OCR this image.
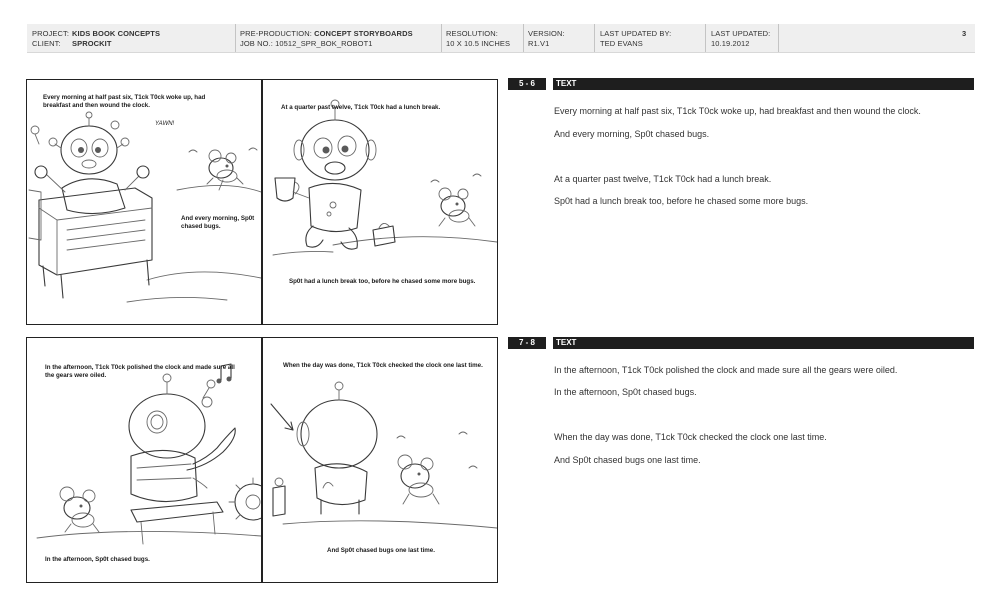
PROJECT: KIDS BOOK CONCEPTS
CLIENT: SPROCKIT
PRE-PRODUCTION: CONCEPT STORYBOARDS
JOB NO.: 10512_SPR_BOK_ROBOT1
RESOLUTION:
10 X 10.5 INCHES
VERSION:
R1.V1
LAST UPDATED BY:
TED EVANS
LAST UPDATED:
10.19.2012
3
Every morning at half past six, T1ck T0ck woke up, had breakfast and then wound the clock.
YAWN!
And every morning, Sp0t chased bugs.
At a quarter past twelve, T1ck T0ck had a lunch break.
Sp0t had a lunch break too, before he chased some more bugs.
In the afternoon, T1ck T0ck polished the clock and made sure all the gears were oiled.
In the afternoon, Sp0t chased bugs.
When the day was done, T1ck T0ck checked the clock one last time.
And Sp0t chased bugs one last time.
5 - 6	TEXT
Every morning at half past six, T1ck T0ck woke up, had breakfast and then wound the clock.
And every morning, Sp0t chased bugs.
At a quarter past twelve, T1ck T0ck had a lunch break.
Sp0t had a lunch break too, before he chased some more bugs.
7 - 8	TEXT
In the afternoon, T1ck T0ck polished the clock and made sure all the gears were oiled.
In the afternoon, Sp0t chased bugs.
When the day was done, T1ck T0ck checked the clock one last time.
And Sp0t chased bugs one last time.
